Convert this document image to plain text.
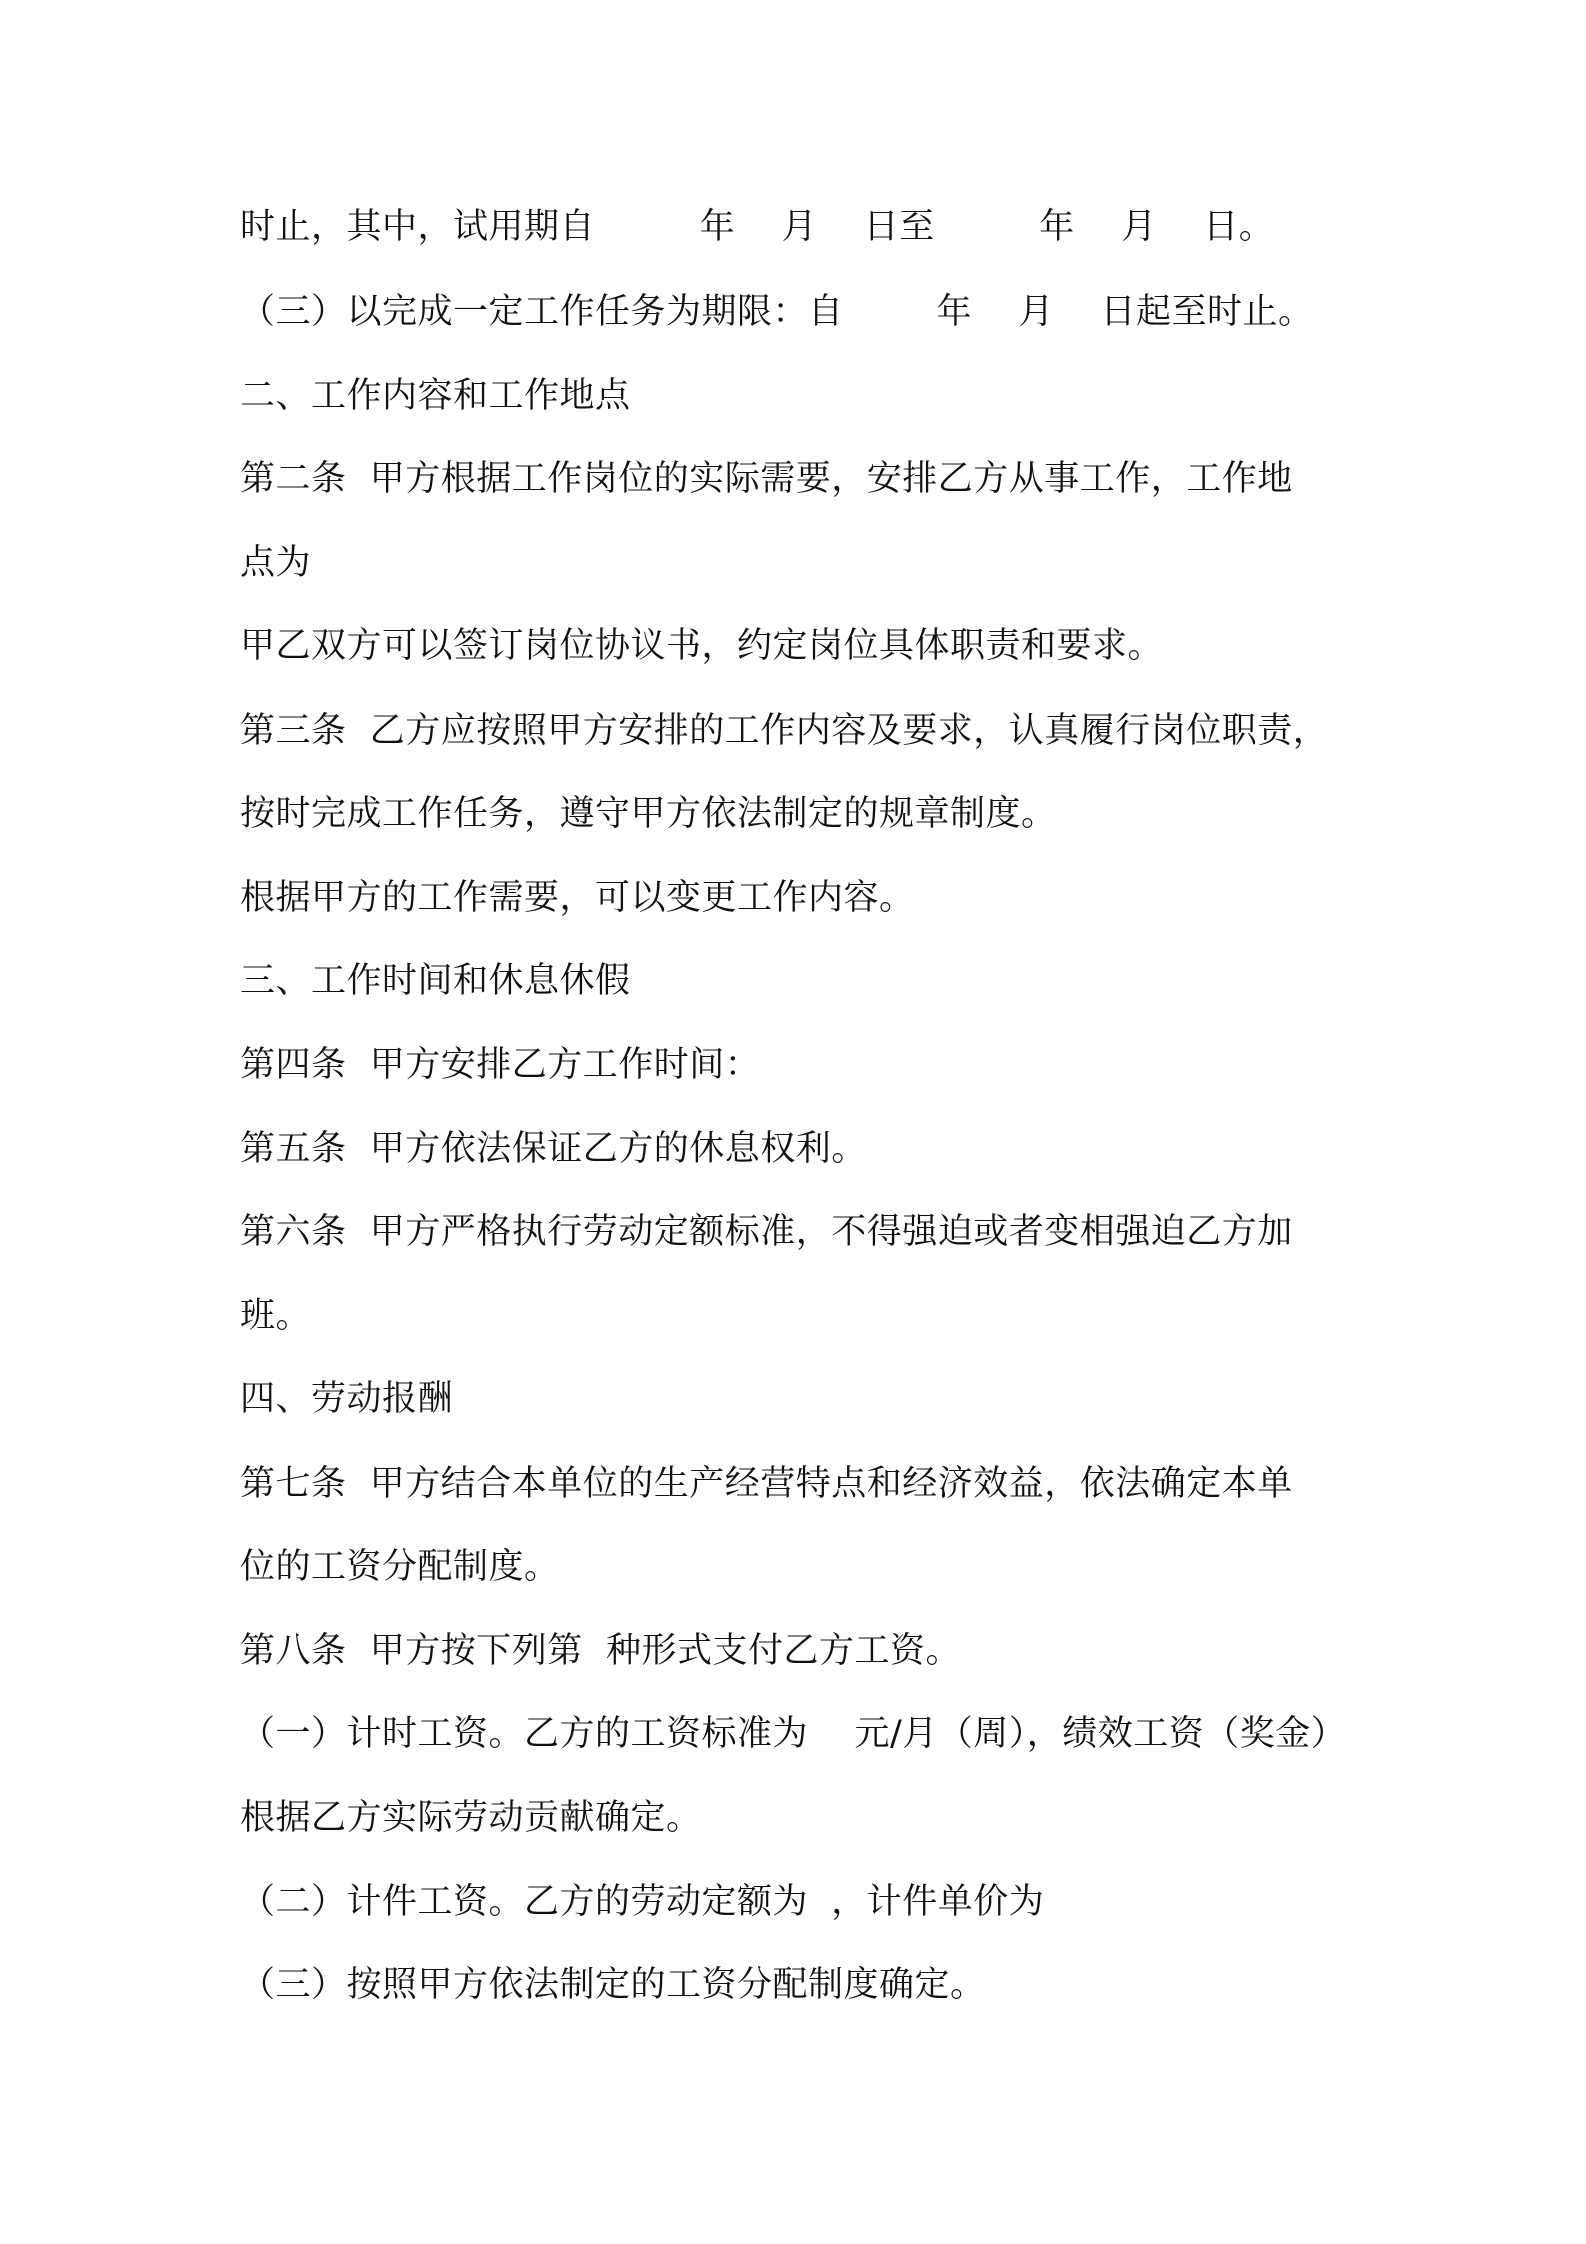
时止，其中，试用期自         年    月    日至         年    月    日。

（三）以完成一定工作任务为期限：自        年    月    日起至时止。

二、工作内容和工作地点

第二条  甲方根据工作岗位的实际需要，安排乙方从事工作，工作地

点为

甲乙双方可以签订岗位协议书，约定岗位具体职责和要求。

第三条  乙方应按照甲方安排的工作内容及要求，认真履行岗位职责，

按时完成工作任务，遵守甲方依法制定的规章制度。

根据甲方的工作需要，可以变更工作内容。

三、工作时间和休息休假

第四条  甲方安排乙方工作时间：

第五条  甲方依法保证乙方的休息权利。

第六条  甲方严格执行劳动定额标准，不得强迫或者变相强迫乙方加

班。

四、劳动报酬

第七条  甲方结合本单位的生产经营特点和经济效益，依法确定本单

位的工资分配制度。

第八条  甲方按下列第  种形式支付乙方工资。

（一）计时工资。乙方的工资标准为    元/月（周），绩效工资（奖金）

根据乙方实际劳动贡献确定。

（二）计件工资。乙方的劳动定额为  ，计件单价为

（三）按照甲方依法制定的工资分配制度确定。
